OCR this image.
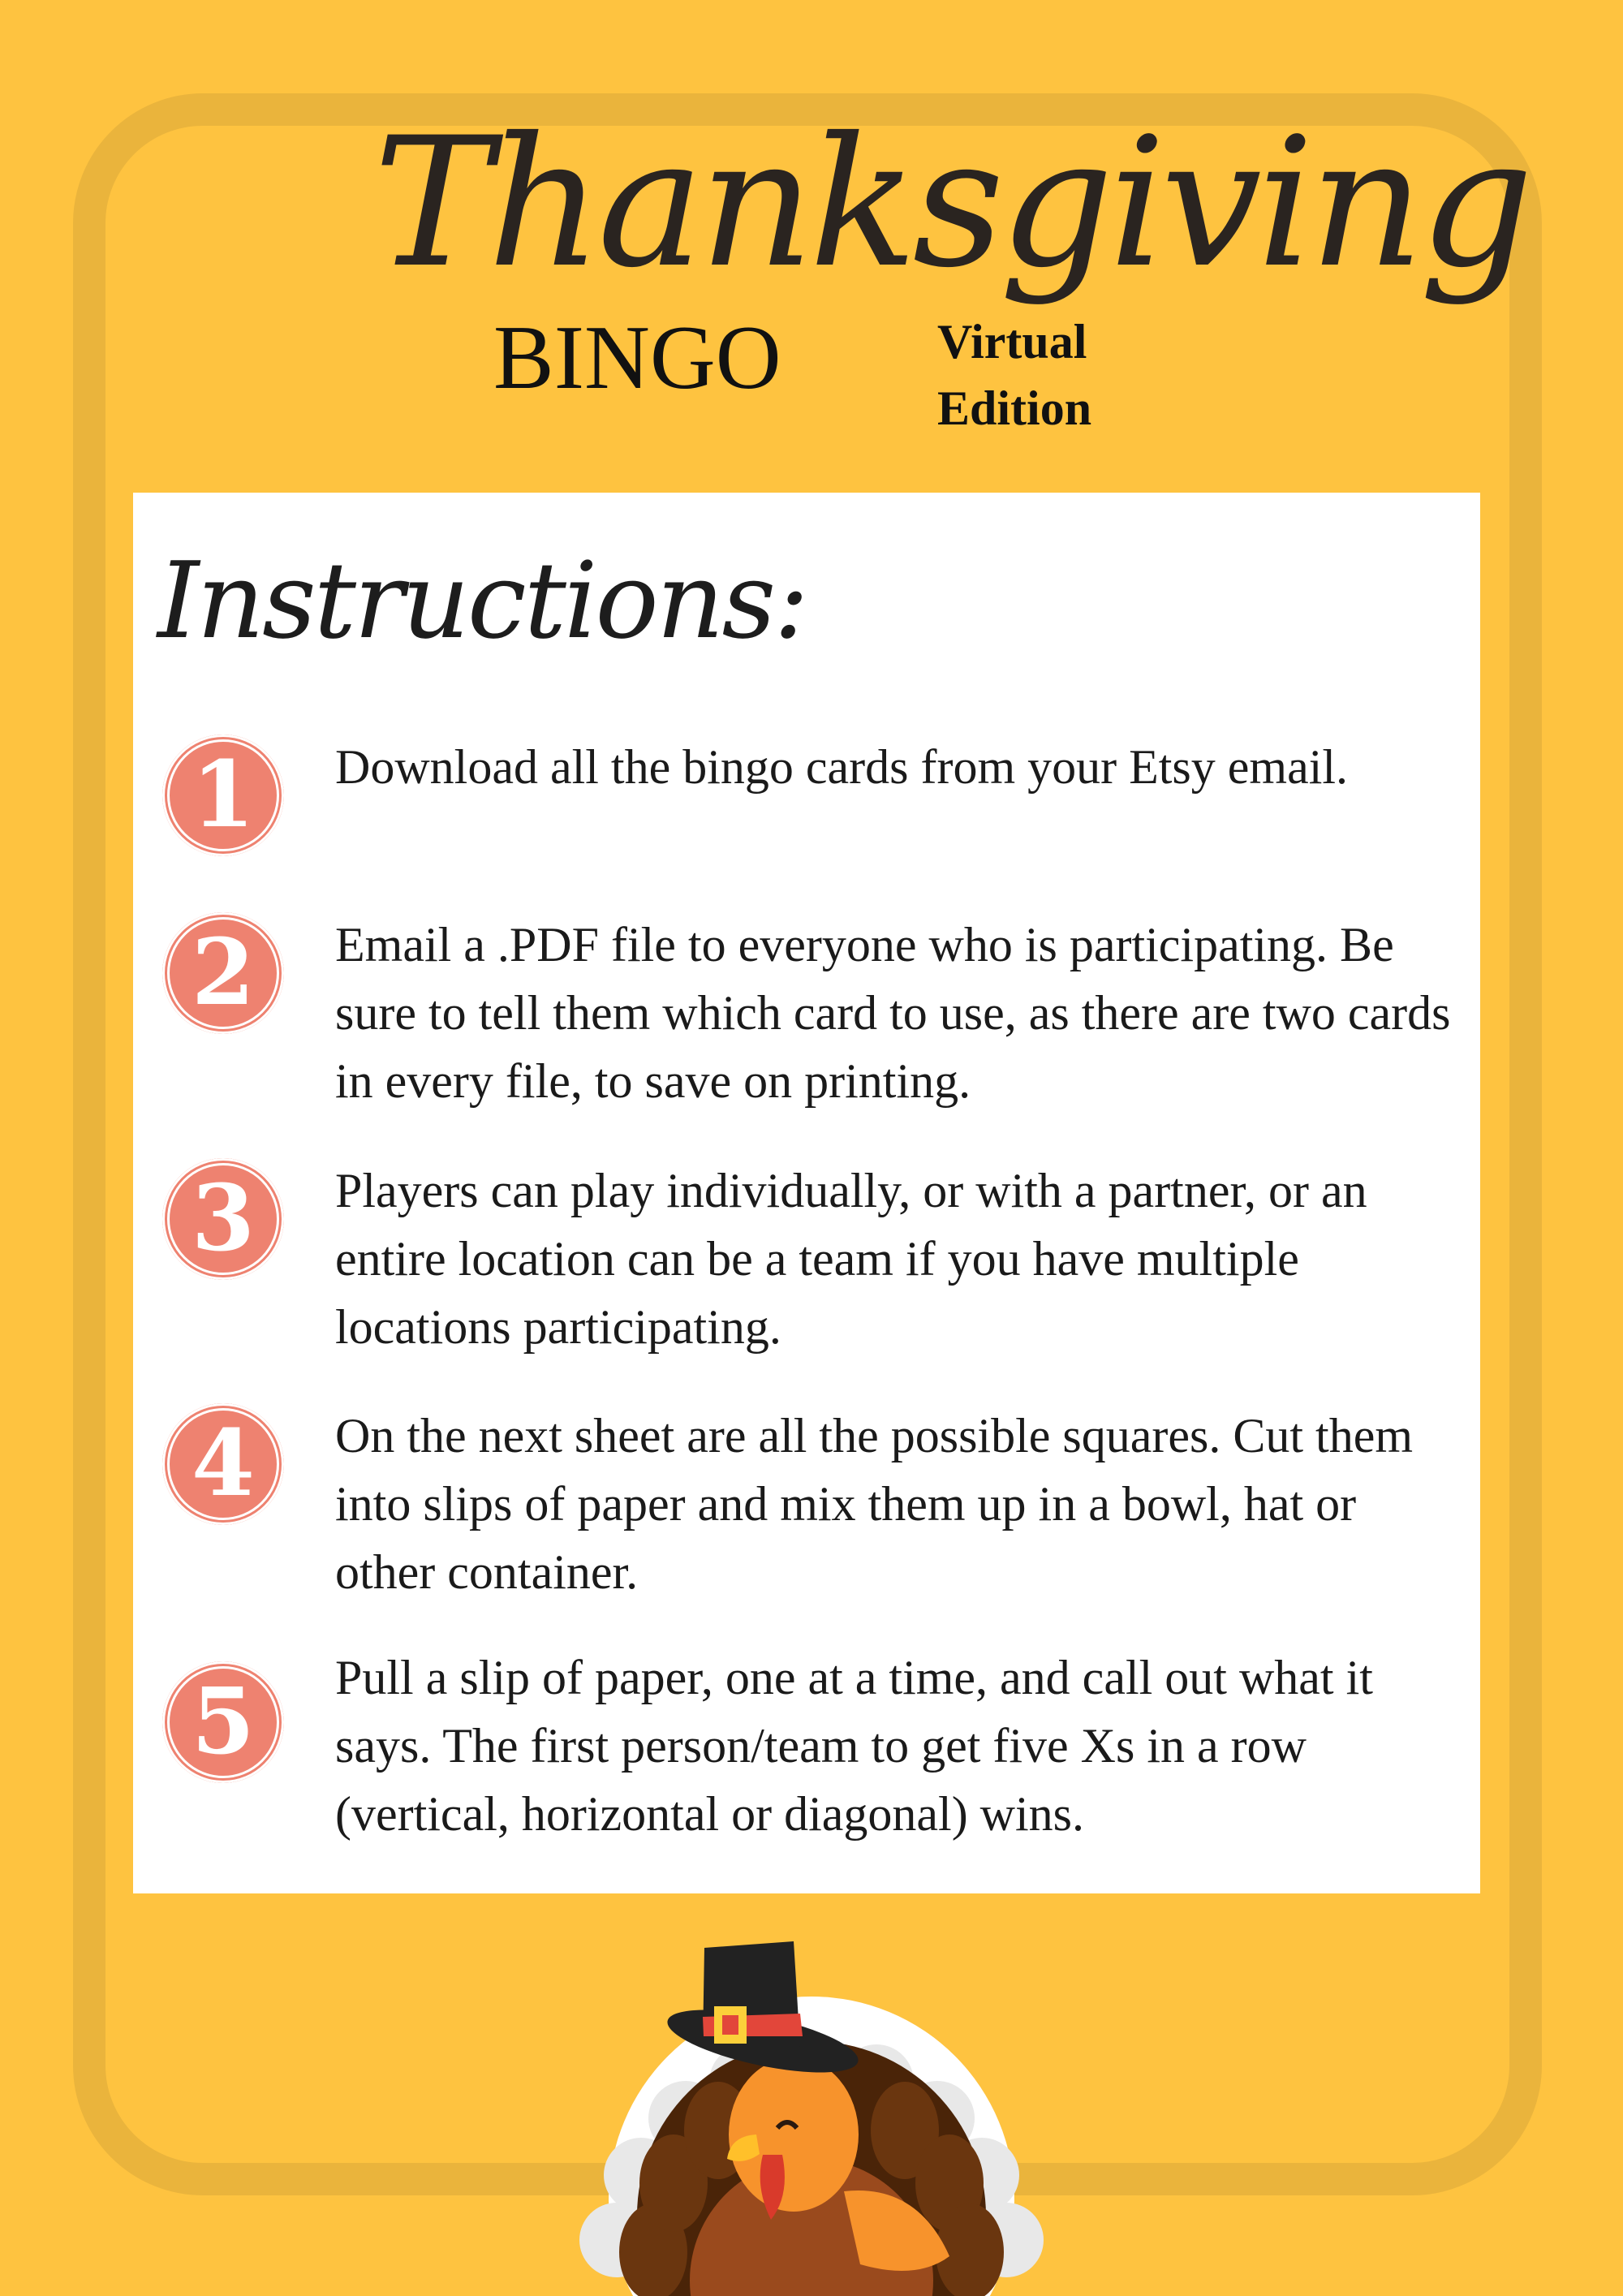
Thanksgiving
BINGO	Virtual
Edition
Instructions:
1	Download all the bingo cards from your Etsy email.
2	Email a .PDF file to everyone who is participating. Be sure to tell them which card to use, as there are two cards in every file, to save on printing.
3	Players can play individually, or with a partner, or an entire location can be a team if you have multiple locations participating.
4	On the next sheet are all the possible squares. Cut them into slips of paper and mix them up in a bowl, hat or other container.
5	Pull a slip of paper, one at a time, and call out what it says. The first person/team to get five Xs in a row (vertical, horizontal or diagonal) wins.
